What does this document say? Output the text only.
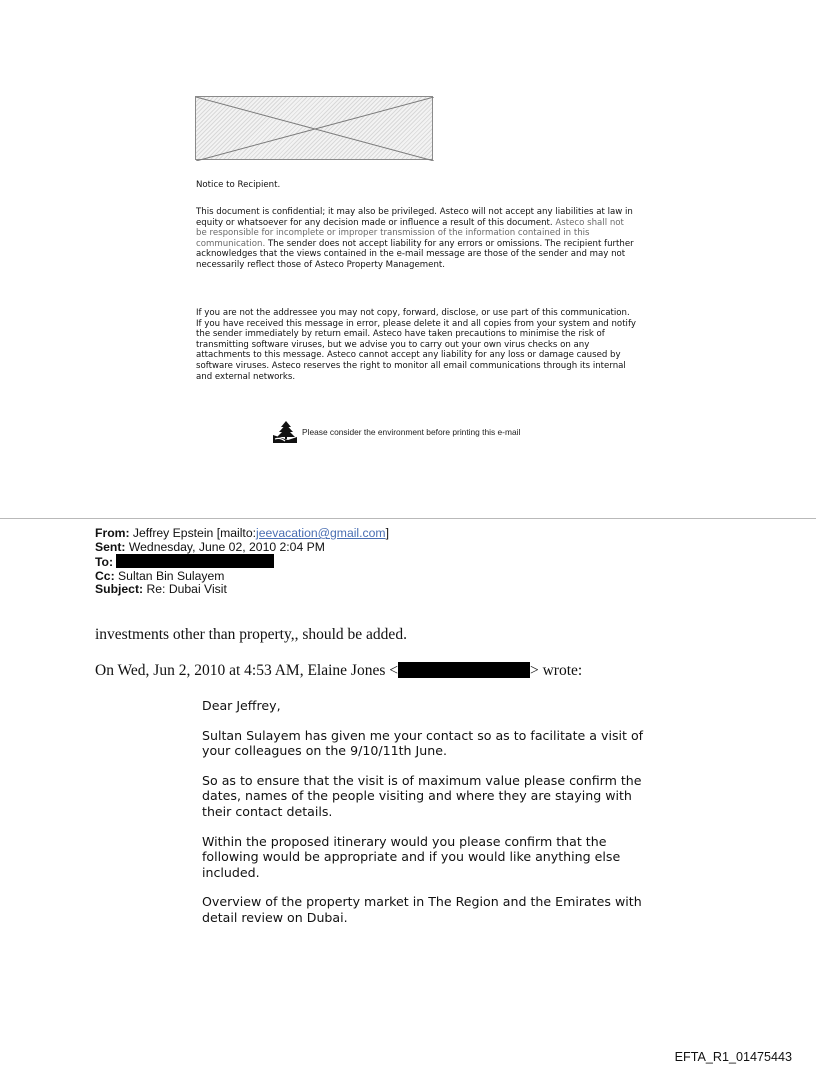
Notice to Recipient.
This document is confidential; it may also be privileged. Asteco will not accept any liabilities at law in equity or whatsoever for any decision made or influence a result of this document. Asteco shall not be responsible for incomplete or improper transmission of the information contained in this communication. The sender does not accept liability for any errors or omissions. The recipient further acknowledges that the views contained in the e-mail message are those of the sender and may not necessarily reflect those of Asteco Property Management.
If you are not the addressee you may not copy, forward, disclose, or use part of this communication. If you have received this message in error, please delete it and all copies from your system and notify the sender immediately by return email. Asteco have taken precautions to minimise the risk of transmitting software viruses, but we advise you to carry out your own virus checks on any attachments to this message. Asteco cannot accept any liability for any loss or damage caused by software viruses. Asteco reserves the right to monitor all email communications through its internal and external networks.
Please consider the environment before printing this e-mail
From: Jeffrey Epstein [mailto:jeevacation@gmail.com]
Sent: Wednesday, June 02, 2010 2:04 PM
To:
Cc: Sultan Bin Sulayem
Subject: Re: Dubai Visit
investments other than property,, should be added.
On Wed, Jun 2, 2010 at 4:53 AM, Elaine Jones <	> wrote:

Dear Jeffrey,

Sultan Sulayem has given me your contact so as to facilitate a visit of your colleagues on the 9/10/11th June.

So as to ensure that the visit is of maximum value please confirm the dates, names of the people visiting and where they are staying with their contact details.

Within the proposed itinerary would you please confirm that the following would be appropriate and if you would like anything else included.

Overview of the property market in The Region and the Emirates with detail review on Dubai.

EFTA_R1_01475443
